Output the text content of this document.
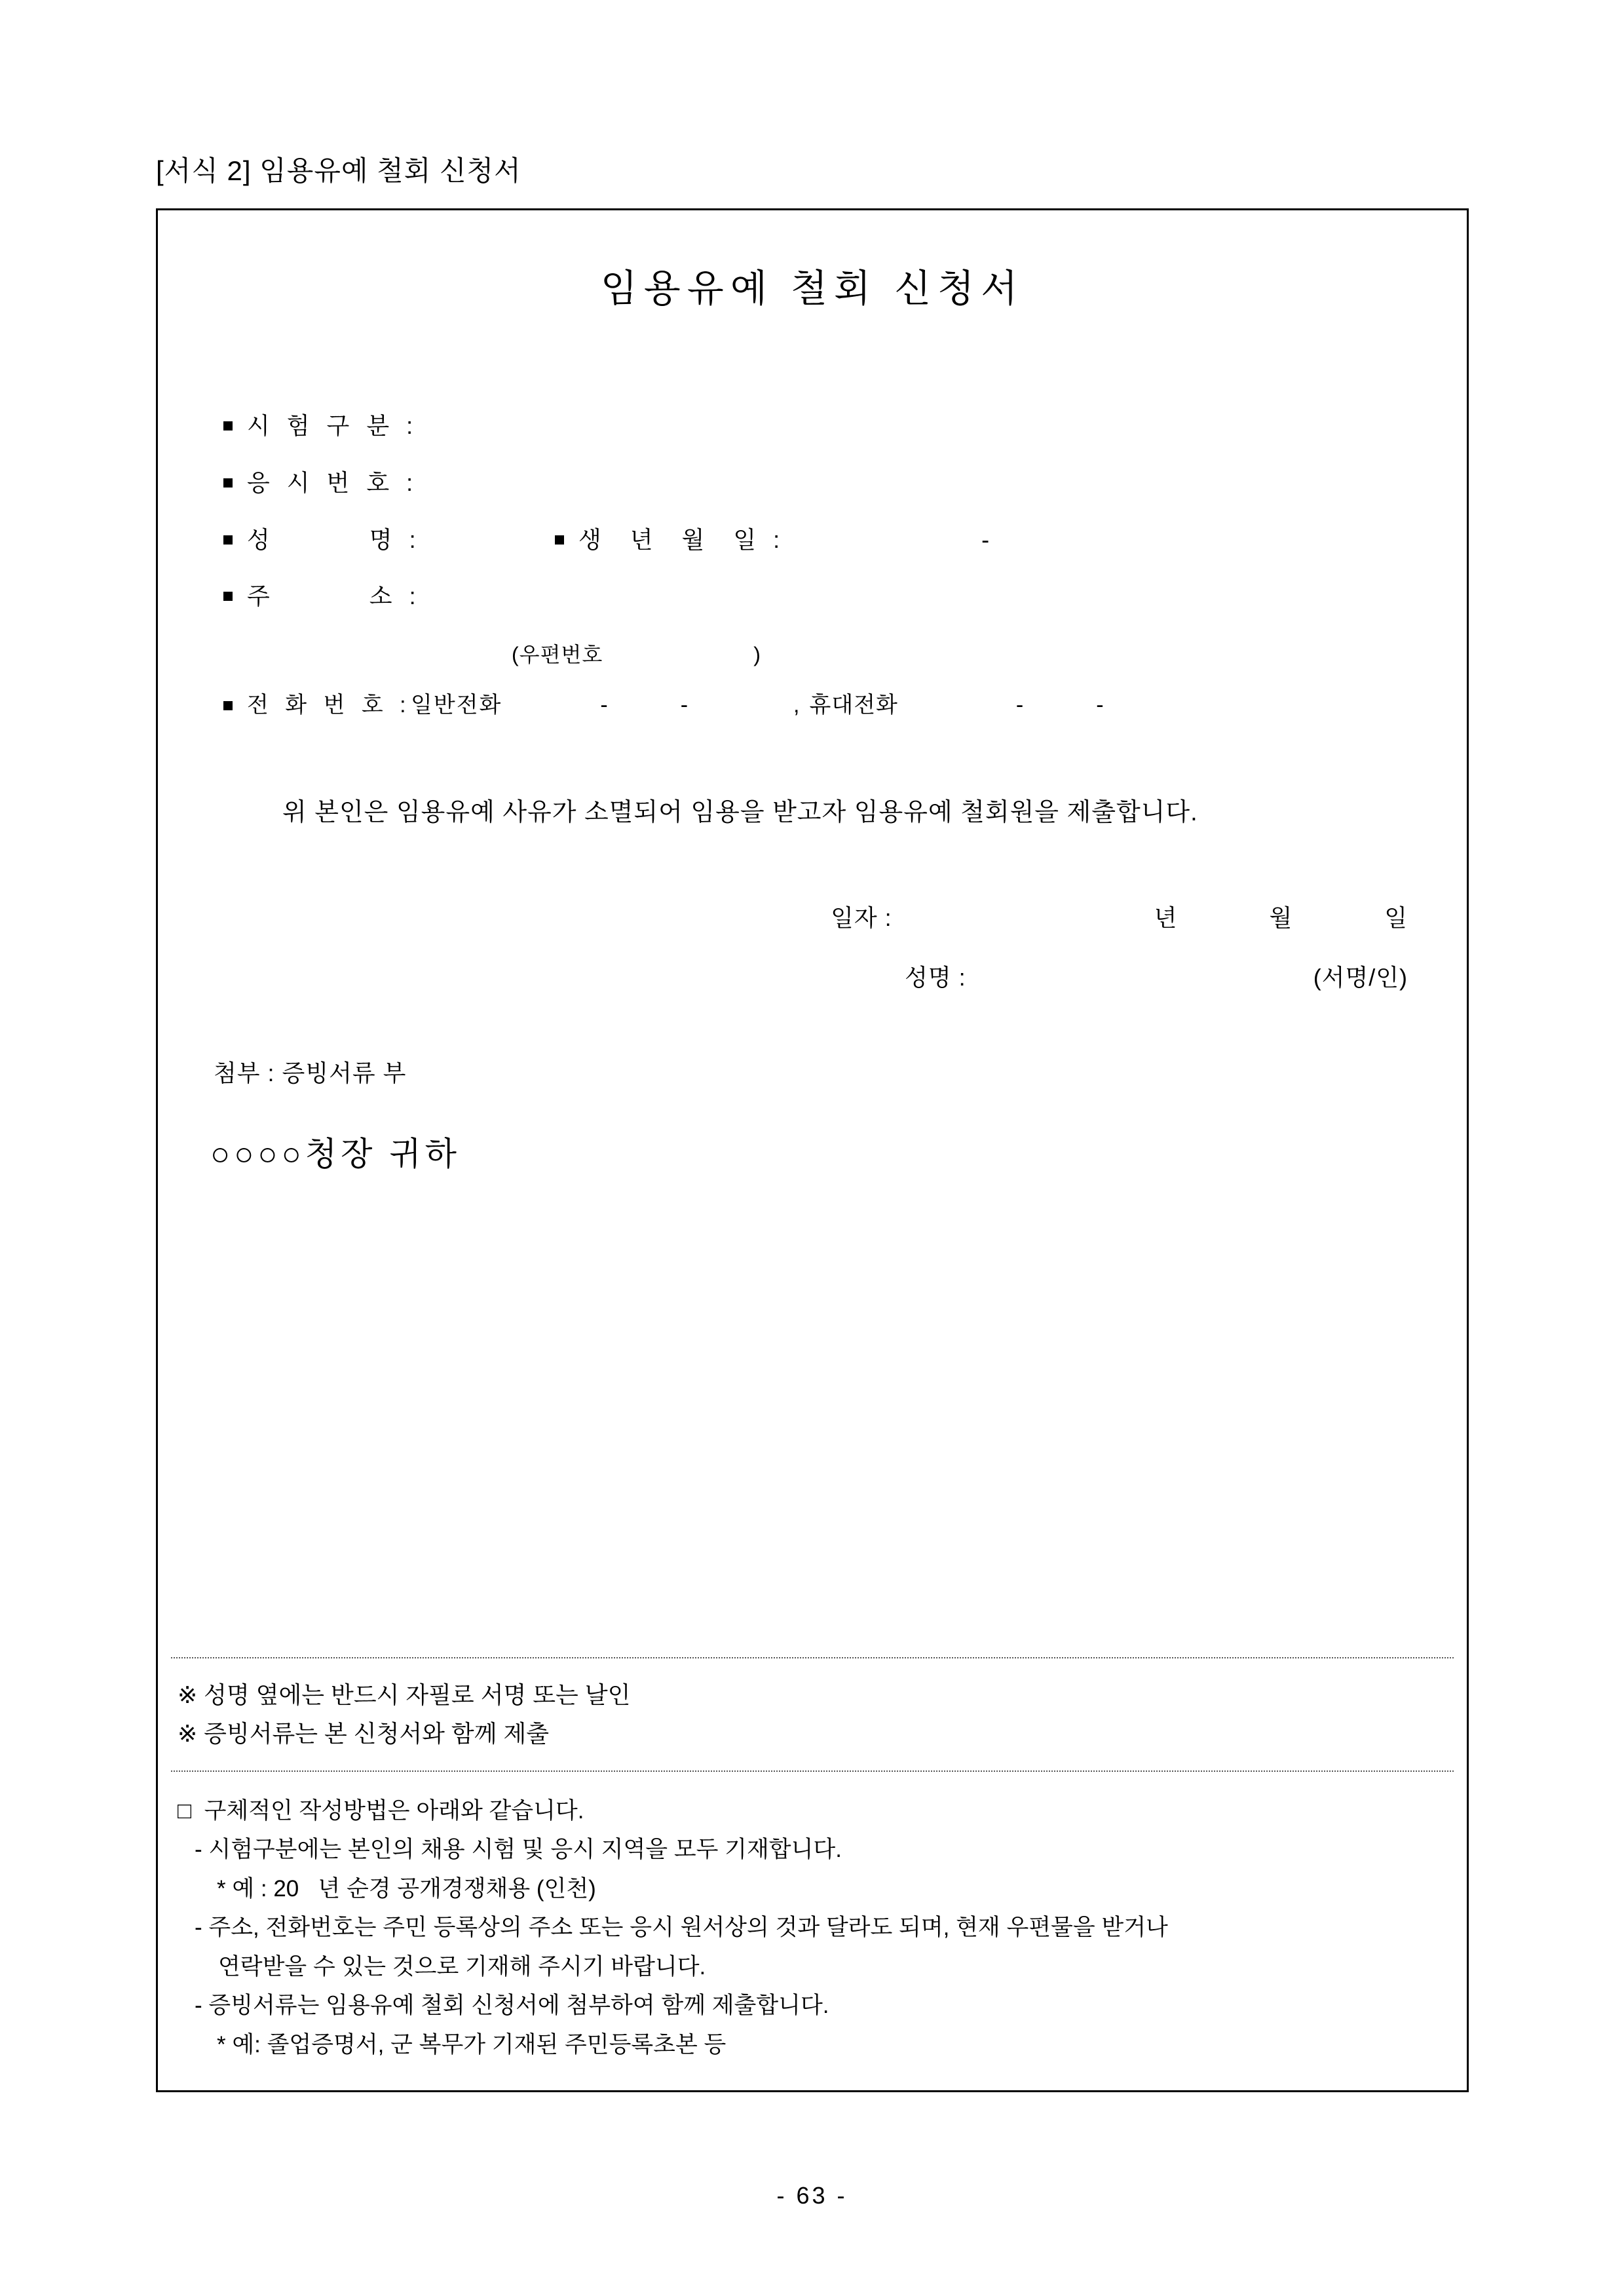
[서식 2] 임용유예 철회 신청서
임용유예 철회 신청서
시 험 구 분 :
응 시 번 호 :
성        명 :	생  년  월  일 :	-
주        소 :
(우편번호	)
전 화 번 호 : 일반전화	-	-	, 휴대전화	-	-
위 본인은 임용유예 사유가 소멸되어 임용을 받고자 임용유예 철회원을 제출합니다.
일자 :	년	월	일
성명 :	(서명/인)
첨부 : 증빙서류 부
○○○○청장 귀하
※ 성명 옆에는 반드시 자필로 서명 또는 날인
※ 증빙서류는 본 신청서와 함께 제출
□  구체적인 작성방법은 아래와 같습니다.
- 시험구분에는 본인의 채용 시험 및 응시 지역을 모두 기재합니다.
* 예 : 20   년 순경 공개경쟁채용 (인천)
- 주소, 전화번호는 주민 등록상의 주소 또는 응시 원서상의 것과 달라도 되며, 현재 우편물을 받거나
연락받을 수 있는 것으로 기재해 주시기 바랍니다.
- 증빙서류는 임용유예 철회 신청서에 첨부하여 함께 제출합니다.
* 예: 졸업증명서, 군 복무가 기재된 주민등록초본 등
- 63 -
